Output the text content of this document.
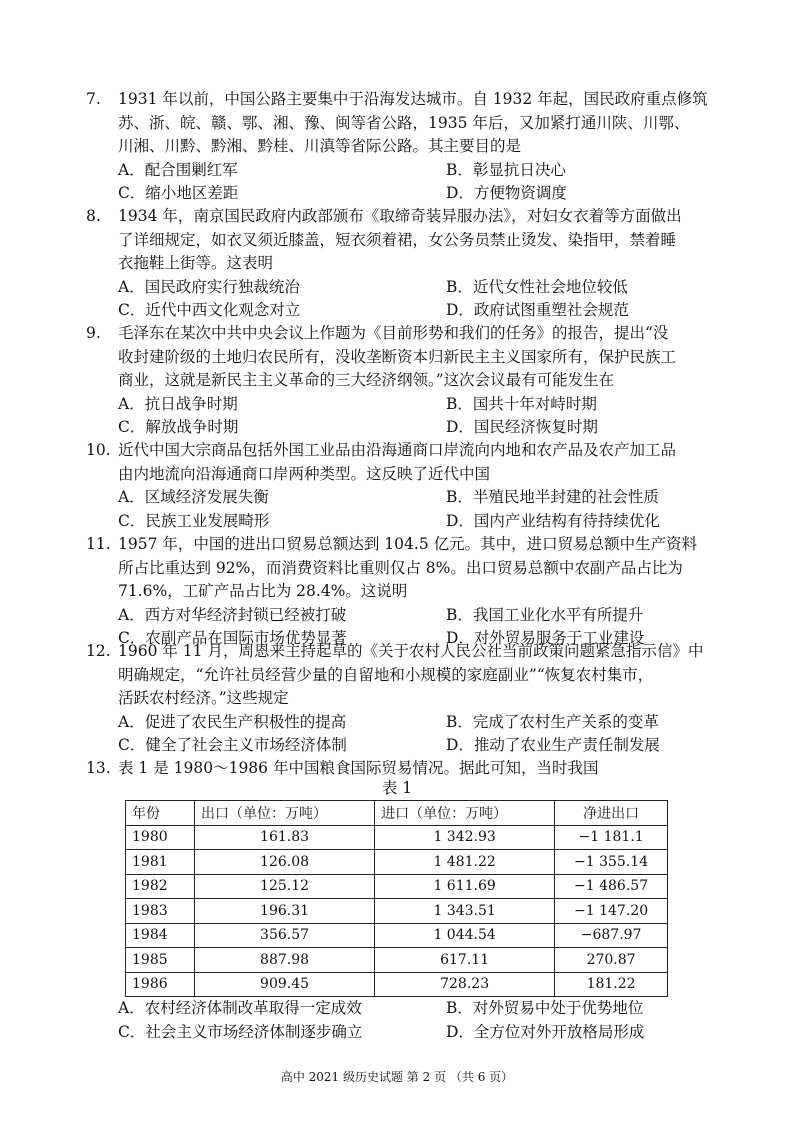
7. 1931 年以前，中国公路主要集中于沿海发达城市。自 1932 年起，国民政府重点修筑
苏、浙、皖、赣、鄂、湘、豫、闽等省公路，1935 年后，又加紧打通川陕、川鄂、
川湘、川黔、黔湘、黔桂、川滇等省际公路。其主要目的是
A．配合围剿红军	B．彰显抗日决心
C．缩小地区差距	D．方便物资调度
8. 1934 年，南京国民政府内政部颁布《取缔奇装异服办法》，对妇女衣着等方面做出
了详细规定，如衣叉须近膝盖，短衣须着裙，女公务员禁止烫发、染指甲，禁着睡
衣拖鞋上街等。这表明
A．国民政府实行独裁统治	B．近代女性社会地位较低
C．近代中西文化观念对立	D．政府试图重塑社会规范
9. 毛泽东在某次中共中央会议上作题为《目前形势和我们的任务》的报告，提出“没
收封建阶级的土地归农民所有，没收垄断资本归新民主主义国家所有，保护民族工
商业，这就是新民主主义革命的三大经济纲领。”这次会议最有可能发生在
A．抗日战争时期	B．国共十年对峙时期
C．解放战争时期	D．国民经济恢复时期
10. 近代中国大宗商品包括外国工业品由沿海通商口岸流向内地和农产品及农产加工品
由内地流向沿海通商口岸两种类型。这反映了近代中国
A．区域经济发展失衡	B．半殖民地半封建的社会性质
C．民族工业发展畸形	D．国内产业结构有待持续优化
11. 1957 年，中国的进出口贸易总额达到 104.5 亿元。其中，进口贸易总额中生产资料
所占比重达到 92%，而消费资料比重则仅占 8%。出口贸易总额中农副产品占比为
71.6%，工矿产品占比为 28.4%。这说明
A．西方对华经济封锁已经被打破	B．我国工业化水平有所提升
C．农副产品在国际市场优势显著	D．对外贸易服务于工业建设
12. 1960 年 11 月，周恩来主持起草的《关于农村人民公社当前政策问题紧急指示信》中
明确规定，“允许社员经营少量的自留地和小规模的家庭副业”“恢复农村集市，
活跃农村经济。”这些规定
A．促进了农民生产积极性的提高	B．完成了农村生产关系的变革
C．健全了社会主义市场经济体制	D．推动了农业生产责任制发展
13. 表 1 是 1980～1986 年中国粮食国际贸易情况。据此可知，当时我国
表 1
年份	出口（单位：万吨）	进口（单位：万吨）	净进出口
1980	161.83	1 342.93	−1 181.1
1981	126.08	1 481.22	−1 355.14
1982	125.12	1 611.69	−1 486.57
1983	196.31	1 343.51	−1 147.20
1984	356.57	1 044.54	−687.97
1985	887.98	617.11	270.87
1986	909.45	728.23	181.22
A．农村经济体制改革取得一定成效	B．对外贸易中处于优势地位
C．社会主义市场经济体制逐步确立	D．全方位对外开放格局形成
高中 2021 级历史试题 第 2 页 （共 6 页）
